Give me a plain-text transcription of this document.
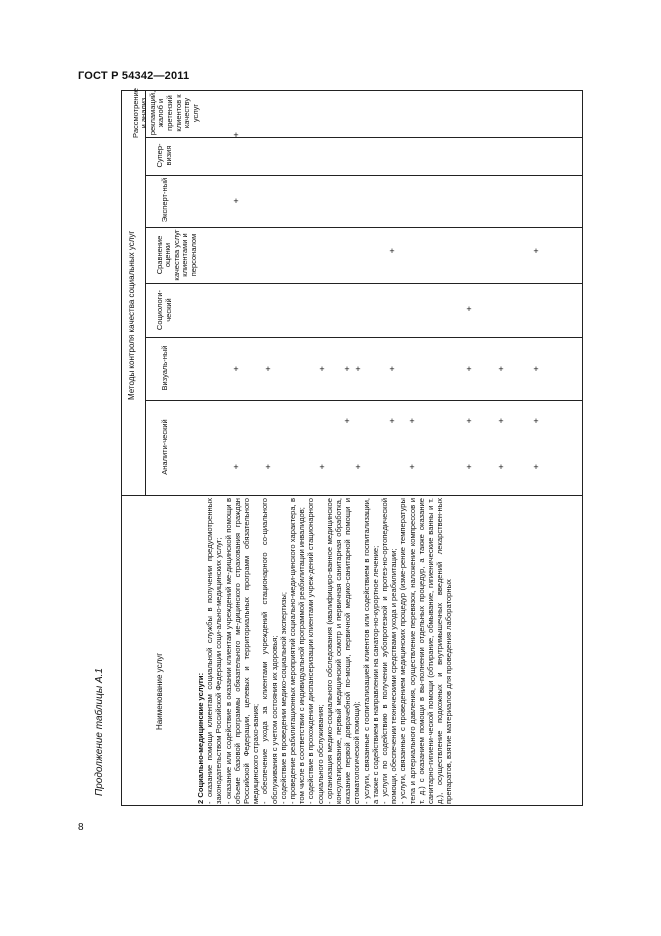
ГОСТ Р 54342—2011
Продолжение таблицы А.1
8
Наименование услуг
Методы контроля качества социальных услуг
Аналити-ческий
Визуаль-ный
Социологи-ческий
Сравнение оценки качества услуг клиентами и персоналом
Эксперт-ный
Супер-визия
Рассмотрение и анализ рекламаций, жалоб и претензий клиентов к качеству услуг

2 Социально-медицинские услуги: - оказание помощи клиентам социальной службы в получении предусмотренных законодательством Российской Федерации соци-ально-медицинских услуг; - оказание или содействие в оказании клиентам учреждений ме-дицинской помощи в объеме базовой программы обязательного ме-дицинского страхования граждан Российской Федерации, целевых и территориальных программ обязательного медицинского страхо-вания; - обеспечение ухода за клиентами учреждений стационарного со-циального обслуживания с учетом состояния их здоровья; - содействие в проведении медико-социальной экспертизы; - проведение реабилитационных мероприятий социально-меди-цинского характера, в том числе в соответствии с индивидуальной программой реабилитации инвалидов; - содействие в прохождении диспансеризации клиентами учреж-дений стационарного социального обслуживания; - организация медико-социального обследования (квалифициро-ванное медицинское консультирование, первый медицинский осмотр и первичная санитарная обработка, оказание первой доврачебной по-мощи, первичной медико-санитарной помощи и стоматологической помощи); - услуги, связанные с госпитализацией клиентов или содействием в госпитализации, а также с содействием в направлении на санатор-но-курортное лечение; - услуги по содействию в получении зубопротезной и протез-но-ортопедической помощи, обеспечении техническими средствами ухода и реабилитации; - услуги, связанные с проведением медицинских процедур (изме-рение температуры тела и артериального давления, осуществление перевязок, наложение компрессов и т. д.) с оказанием помощи в вы-полнении отдельных процедур, а также оказание санитарно-гигиени-ческой помощи (обтирание, обмывание, гигиенические ванны и т. д.), осуществление подкожных и внутримышечных введений лекарствен-ных препаратов, взятие материалов для проведения лабораторных

+
+
+
+
+
+
+
+
+
+
+
+
+
+
+
+
+
+
+
+
+
+
+
+
+
+
+
+
